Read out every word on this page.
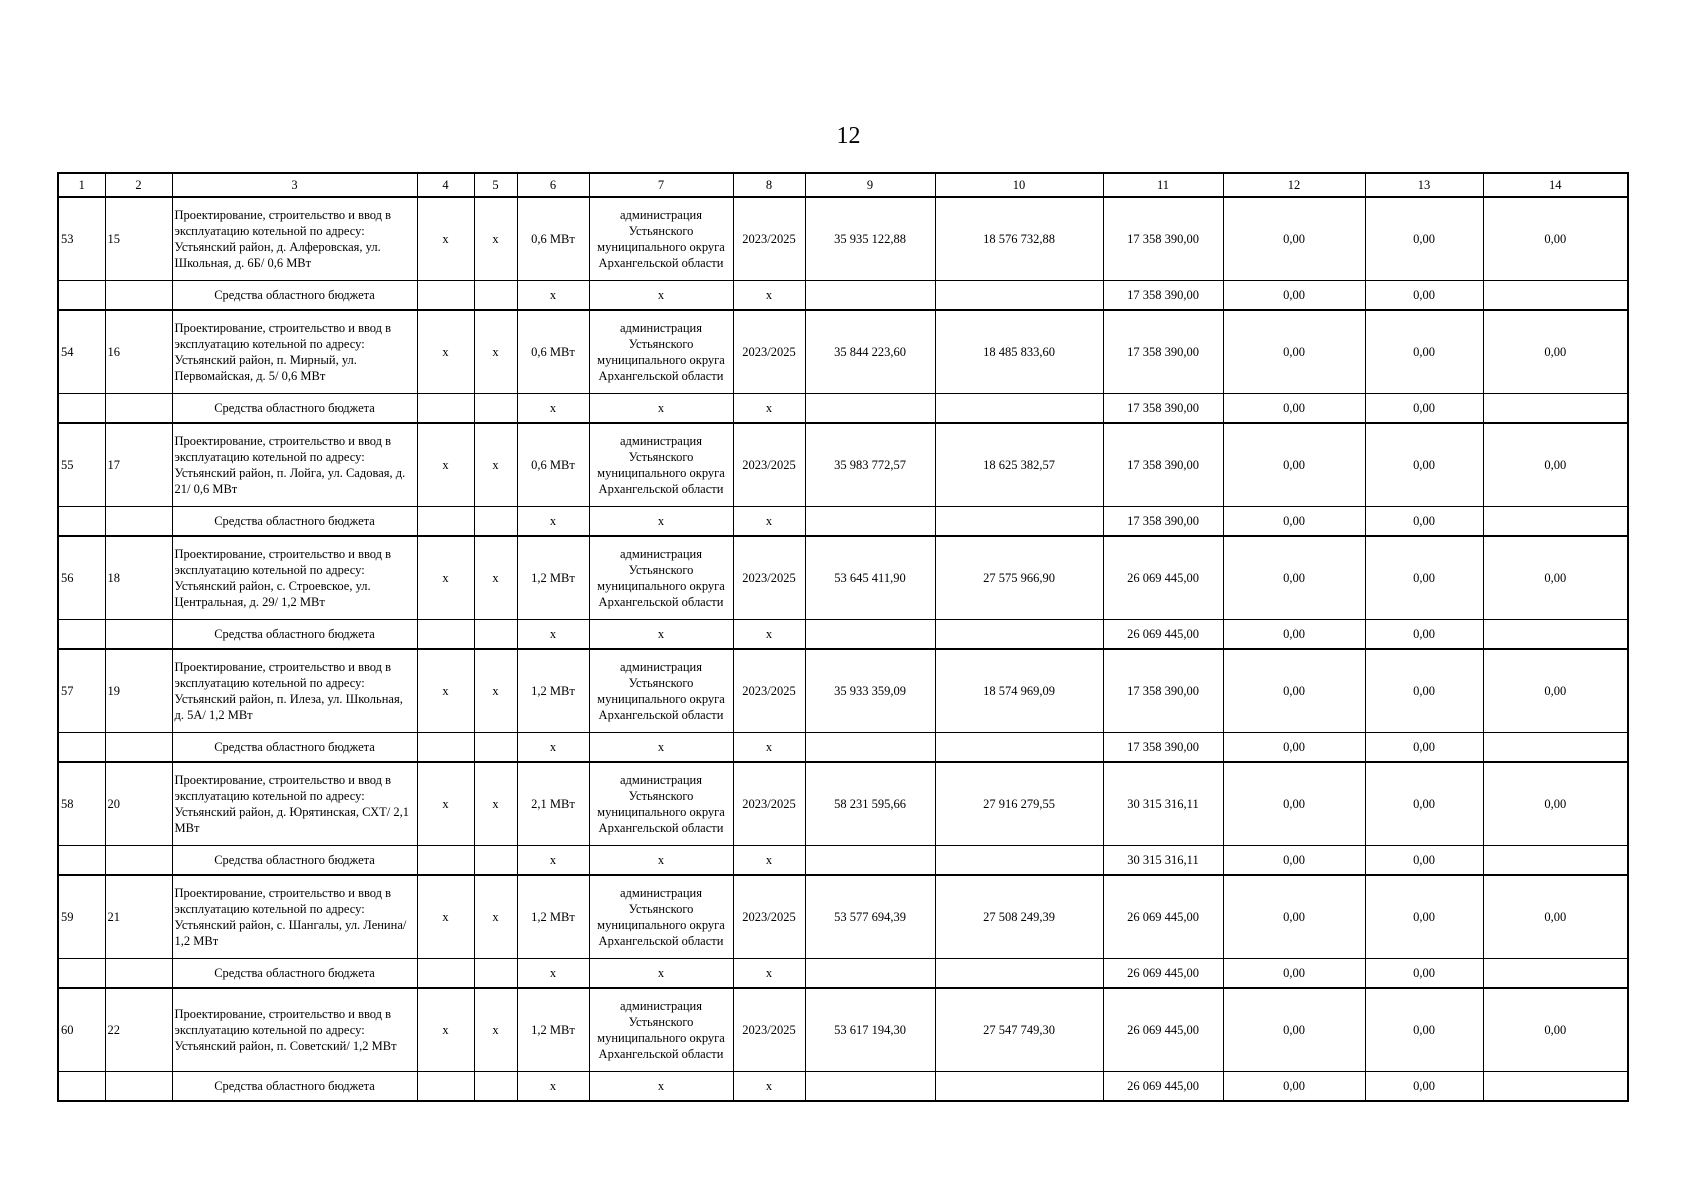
12
1	2	3	4	5	6	7	8	9	10	11	12	13	14
53	15	Проектирование, строительство и ввод в эксплуатацию котельной по адресу: Устьянский район, д. Алферовская, ул. Школьная, д. 6Б/ 0,6 МВт	х	х	0,6 МВт	администрация Устьянского муниципального округа Архангельской области	2023/2025	35 935 122,88	18 576 732,88	17 358 390,00	0,00	0,00	0,00
		Средства областного бюджета			х	х	х			17 358 390,00	0,00	0,00	
54	16	Проектирование, строительство и ввод в эксплуатацию котельной по адресу: Устьянский район, п. Мирный, ул. Первомайская, д. 5/ 0,6 МВт	х	х	0,6 МВт	администрация Устьянского муниципального округа Архангельской области	2023/2025	35 844 223,60	18 485 833,60	17 358 390,00	0,00	0,00	0,00
		Средства областного бюджета			х	х	х			17 358 390,00	0,00	0,00	
55	17	Проектирование, строительство и ввод в эксплуатацию котельной по адресу: Устьянский район, п. Лойга, ул. Садовая, д. 21/ 0,6 МВт	х	х	0,6 МВт	администрация Устьянского муниципального округа Архангельской области	2023/2025	35 983 772,57	18 625 382,57	17 358 390,00	0,00	0,00	0,00
		Средства областного бюджета			х	х	х			17 358 390,00	0,00	0,00	
56	18	Проектирование, строительство и ввод в эксплуатацию котельной по адресу: Устьянский район, с. Строевское, ул. Центральная, д. 29/ 1,2 МВт	х	х	1,2 МВт	администрация Устьянского муниципального округа Архангельской области	2023/2025	53 645 411,90	27 575 966,90	26 069 445,00	0,00	0,00	0,00
		Средства областного бюджета			х	х	х			26 069 445,00	0,00	0,00	
57	19	Проектирование, строительство и ввод в эксплуатацию котельной по адресу: Устьянский район, п. Илеза, ул. Школьная, д. 5А/ 1,2 МВт	х	х	1,2 МВт	администрация Устьянского муниципального округа Архангельской области	2023/2025	35 933 359,09	18 574 969,09	17 358 390,00	0,00	0,00	0,00
		Средства областного бюджета			х	х	х			17 358 390,00	0,00	0,00	
58	20	Проектирование, строительство и ввод в эксплуатацию котельной по адресу: Устьянский район, д. Юрятинская, СХТ/ 2,1 МВт	х	х	2,1 МВт	администрация Устьянского муниципального округа Архангельской области	2023/2025	58 231 595,66	27 916 279,55	30 315 316,11	0,00	0,00	0,00
		Средства областного бюджета			х	х	х			30 315 316,11	0,00	0,00	
59	21	Проектирование, строительство и ввод в эксплуатацию котельной по адресу: Устьянский район, с. Шангалы, ул. Ленина/ 1,2 МВт	х	х	1,2 МВт	администрация Устьянского муниципального округа Архангельской области	2023/2025	53 577 694,39	27 508 249,39	26 069 445,00	0,00	0,00	0,00
		Средства областного бюджета			х	х	х			26 069 445,00	0,00	0,00	
60	22	Проектирование, строительство и ввод в эксплуатацию котельной по адресу: Устьянский район, п. Советский/ 1,2 МВт	х	х	1,2 МВт	администрация Устьянского муниципального округа Архангельской области	2023/2025	53 617 194,30	27 547 749,30	26 069 445,00	0,00	0,00	0,00
		Средства областного бюджета			х	х	х			26 069 445,00	0,00	0,00	
